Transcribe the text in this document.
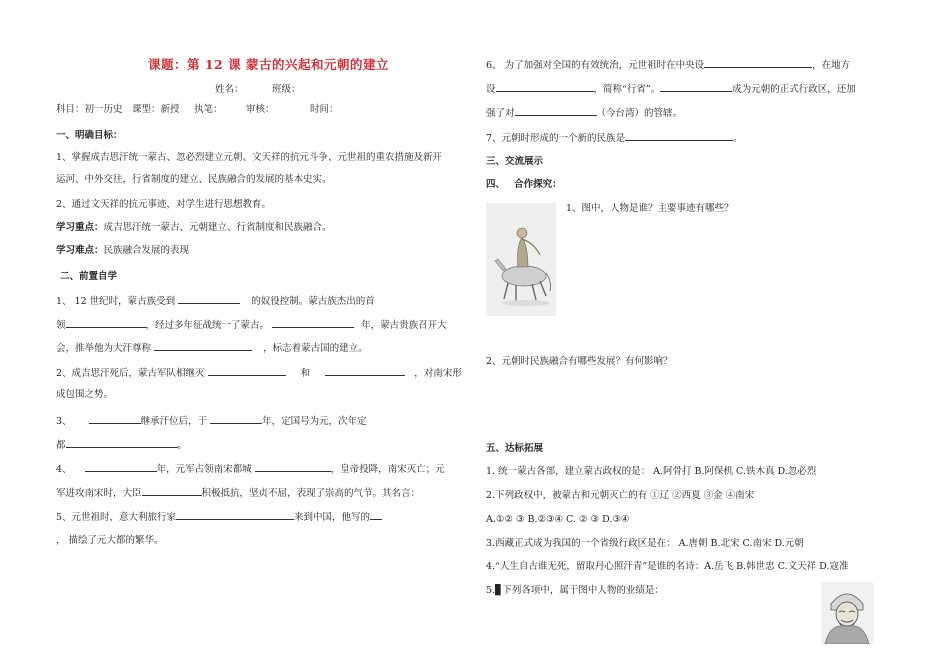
课题：第 12 课 蒙古的兴起和元朝的建立
姓名：	班级：
科目：初一历史 课型：新授 执笔： 审核：	时间：
一、明确目标：
1、掌握成吉思汗统一蒙古、忽必烈建立元朝、文天祥的抗元斗争、元世祖的重农措施及新开
运河、中外交往，行省制度的建立、民族融合的发展的基本史实。
2、通过文天祥的抗元事迹，对学生进行思想教育。
学习重点：成吉思汗统一蒙古、元朝建立、行省制度和民族融合。
学习难点：民族融合发展的表现
二、前置自学
1、 12 世纪时，蒙古族受到	的奴役控制。蒙古族杰出的首
领	，经过多年征战统一了蒙古。	年，蒙古贵族召开大
会，推举他为大汗尊称	，标志着蒙古国的建立。
2、成吉思汗死后，蒙古军队相继灭	和	，对南宋形
成包围之势。
3、	继承汗位后，于	年，定国号为元，次年定
都	。
4、	年，元军占领南宋都城	，皇帝投降，南宋灭亡；元
军进攻南宋时，大臣	积极抵抗，坚贞不屈，表现了崇高的气节。其名言：
5、元世祖时，意大利旅行家	来到中国，他写的
， 描绘了元大都的繁华。
6、 为了加强对全国的有效统治，元世祖时在中央设	，在地方
设	，简称“行省”。	成为元朝的正式行政区，还加
强了对	（今台湾）的管辖。
7、元朝时形成的一个新的民族是	。
三、交流展示
四、 合作探究：
1、图中，人物是谁？主要事迹有哪些？
2、元朝时民族融合有哪些发展？有何影响？
五、达标拓展
1. 统一蒙古各部，建立蒙古政权的是： A.阿骨打 B.阿保机 C.铁木真 D.忽必烈
2.下列政权中，被蒙古和元朝灭亡的有 ①辽 ②西夏 ③金 ④南宋
A.①② ③ B.②③④ C. ② ③ D.③④
3.西藏正式成为我国的一个省级行政区是在： A.唐朝 B.北宋 C.南宋 D.元朝
4.“人生自古谁无死，留取丹心照汗青”是谁的名诗：A.岳飞 B.韩世忠 C.文天祥 D.寇准
5.▊下列各项中，属于图中人物的业绩是：
